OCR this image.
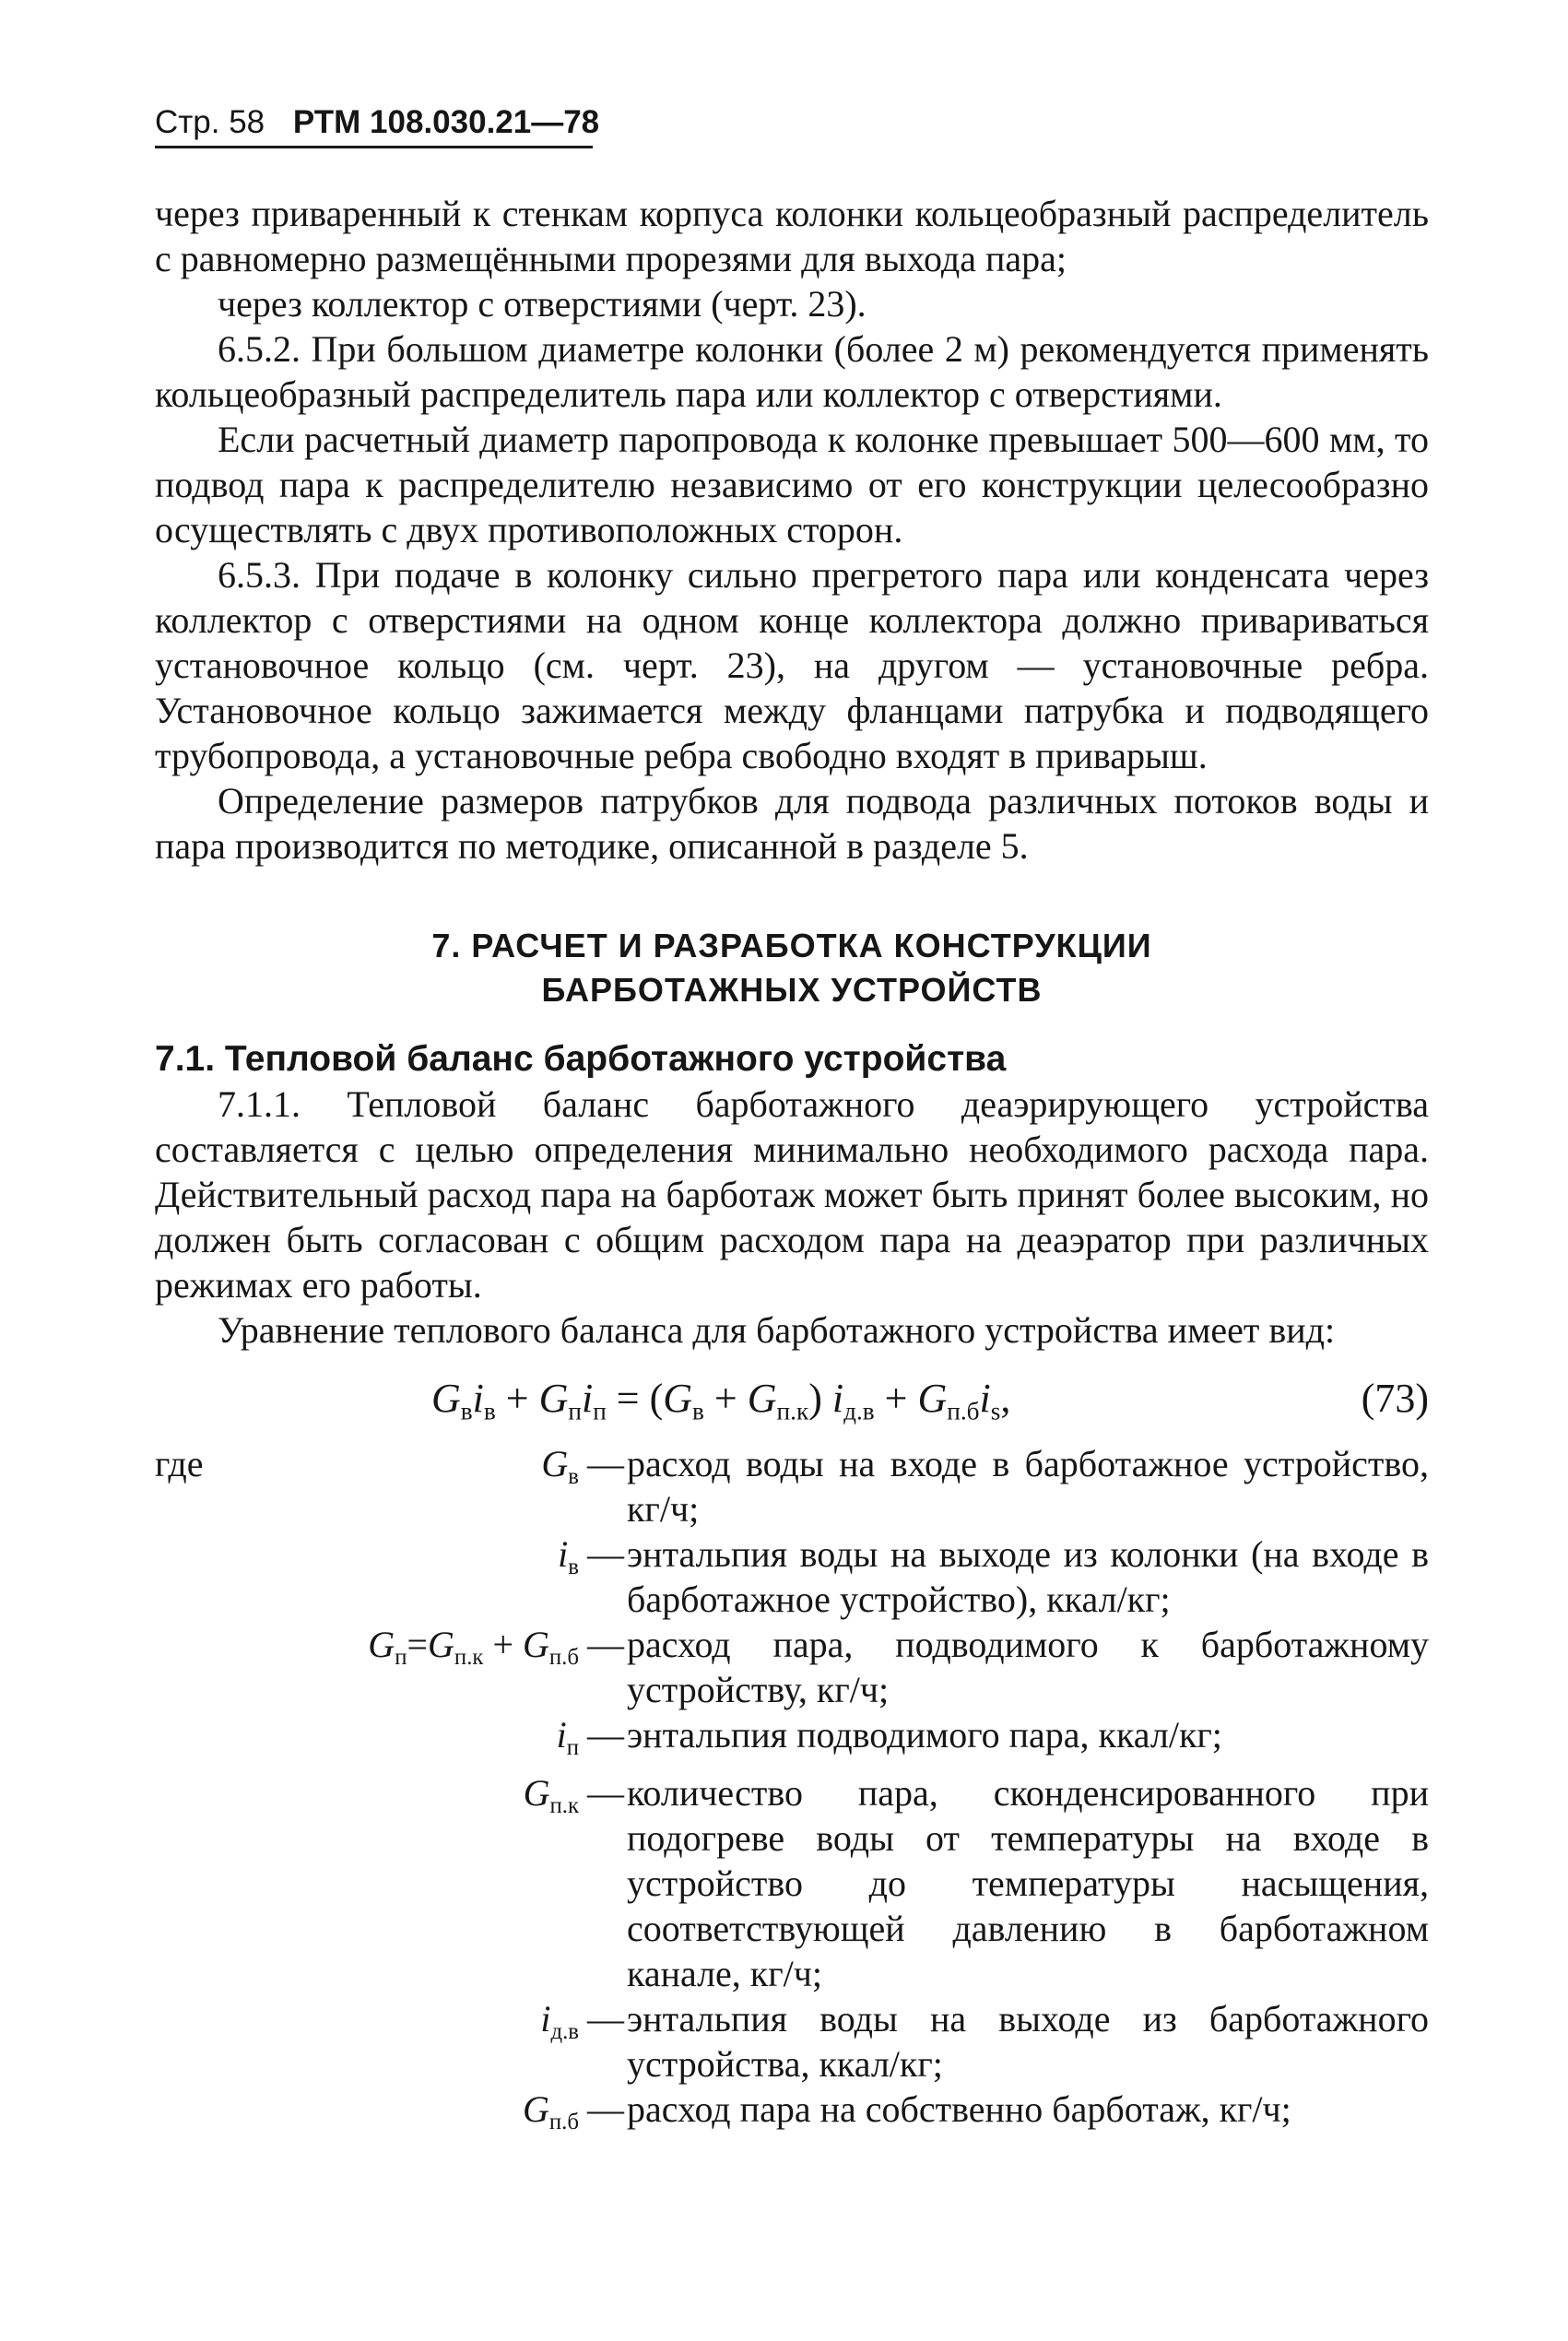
Стр. 58 РТМ 108.030.21—78

через приваренный к стенкам корпуса колонки кольцеобразный распределитель с равномерно размещёнными прорезями для выхода пара;

через коллектор с отверстиями (черт. 23).

6.5.2. При большом диаметре колонки (более 2 м) рекомендуется применять кольцеобразный распределитель пара или коллектор с отверстиями.

Если расчетный диаметр паропровода к колонке превышает 500—600 мм, то подвод пара к распределителю независимо от его конструкции целесообразно осуществлять с двух противоположных сторон.

6.5.3. При подаче в колонку сильно прегретого пара или конденсата через коллектор с отверстиями на одном конце коллектора должно привариваться установочное кольцо (см. черт. 23), на другом — установочные ребра. Установочное кольцо зажимается между фланцами патрубка и подводящего трубопровода, а установочные ребра свободно входят в приварыш.

Определение размеров патрубков для подвода различных потоков воды и пара производится по методике, описанной в разделе 5.

7. РАСЧЕТ И РАЗРАБОТКА КОНСТРУКЦИИ
БАРБОТАЖНЫХ УСТРОЙСТВ

7.1. Тепловой баланс барботажного устройства

7.1.1. Тепловой баланс барботажного деаэрирующего устройства составляется с целью определения минимально необходимого расхода пара. Действительный расход пара на барботаж может быть принят более высоким, но должен быть согласован с общим расходом пара на деаэратор при различных режимах его работы.

Уравнение теплового баланса для барботажного устройства имеет вид:

$G_вi_в + G_пi_п = (G_в + G_{п.к}) i_{д.в} + G_{п.б}i_s$,	(73)
где	$G_в$ — расход воды на входе в барботажное устройство, кг/ч;
$i_в$ — энтальпия воды на выходе из колонки (на входе в барботажное устройство), ккал/кг;
$G_п=G_{п.к} + G_{п.б}$ — расход пара, подводимого к барботажному устройству, кг/ч;
$i_п$ — энтальпия подводимого пара, ккал/кг;
$G_{п.к}$ — количество пара, сконденсированного при подогреве воды от температуры на входе в устройство до температуры насыщения, соответствующей давлению в барботажном канале, кг/ч;
$i_{д.в}$ — энтальпия воды на выходе из барботажного устройства, ккал/кг;
$G_{п.б}$ — расход пара на собственно барботаж, кг/ч;
